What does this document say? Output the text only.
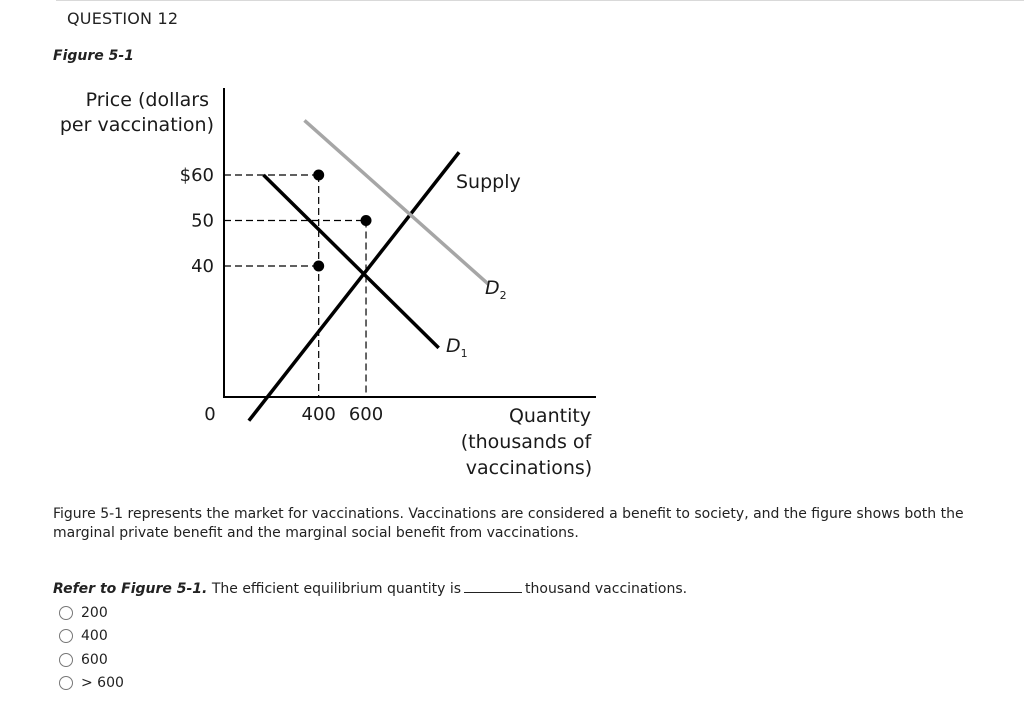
QUESTION 12
Figure 5-1
Price (dollars
per vaccination)
Quantity
(thousands of
vaccinations)
0
$60
50
40
400 600
Supply
$D_1$
$D_2$
Figure 5-1 represents the market for vaccinations. Vaccinations are considered a benefit to society, and the figure shows both the marginal private benefit and the marginal social benefit from vaccinations.
Refer to Figure 5-1. The efficient equilibrium quantity is	thousand vaccinations.
200
400
600
> 600
